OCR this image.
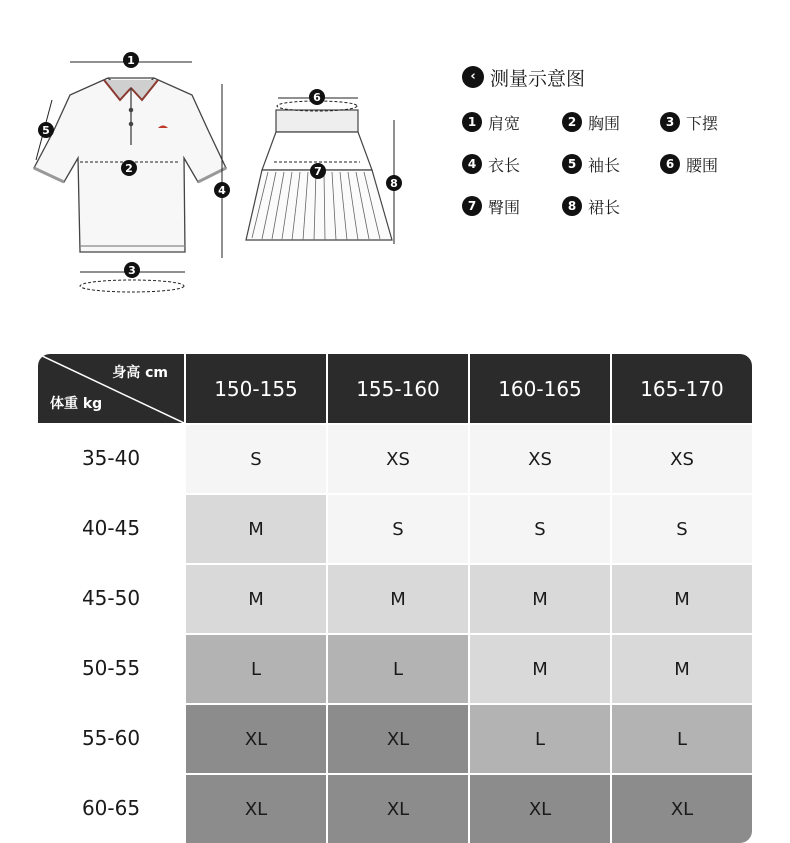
1
2
3
4
5
6
7
8
‹ 测量示意图
1 肩宽	2 胸围	3 下摆
4 衣长	5 袖长	6 腰围
7 臀围	8 裙长
身高 cm
体重 kg
150-155	155-160	160-165	165-170
35-40	S	XS	XS	XS
40-45	M	S	S	S
45-50	M	M	M	M
50-55	L	L	M	M
55-60	XL	XL	L	L
60-65	XL	XL	XL	XL
